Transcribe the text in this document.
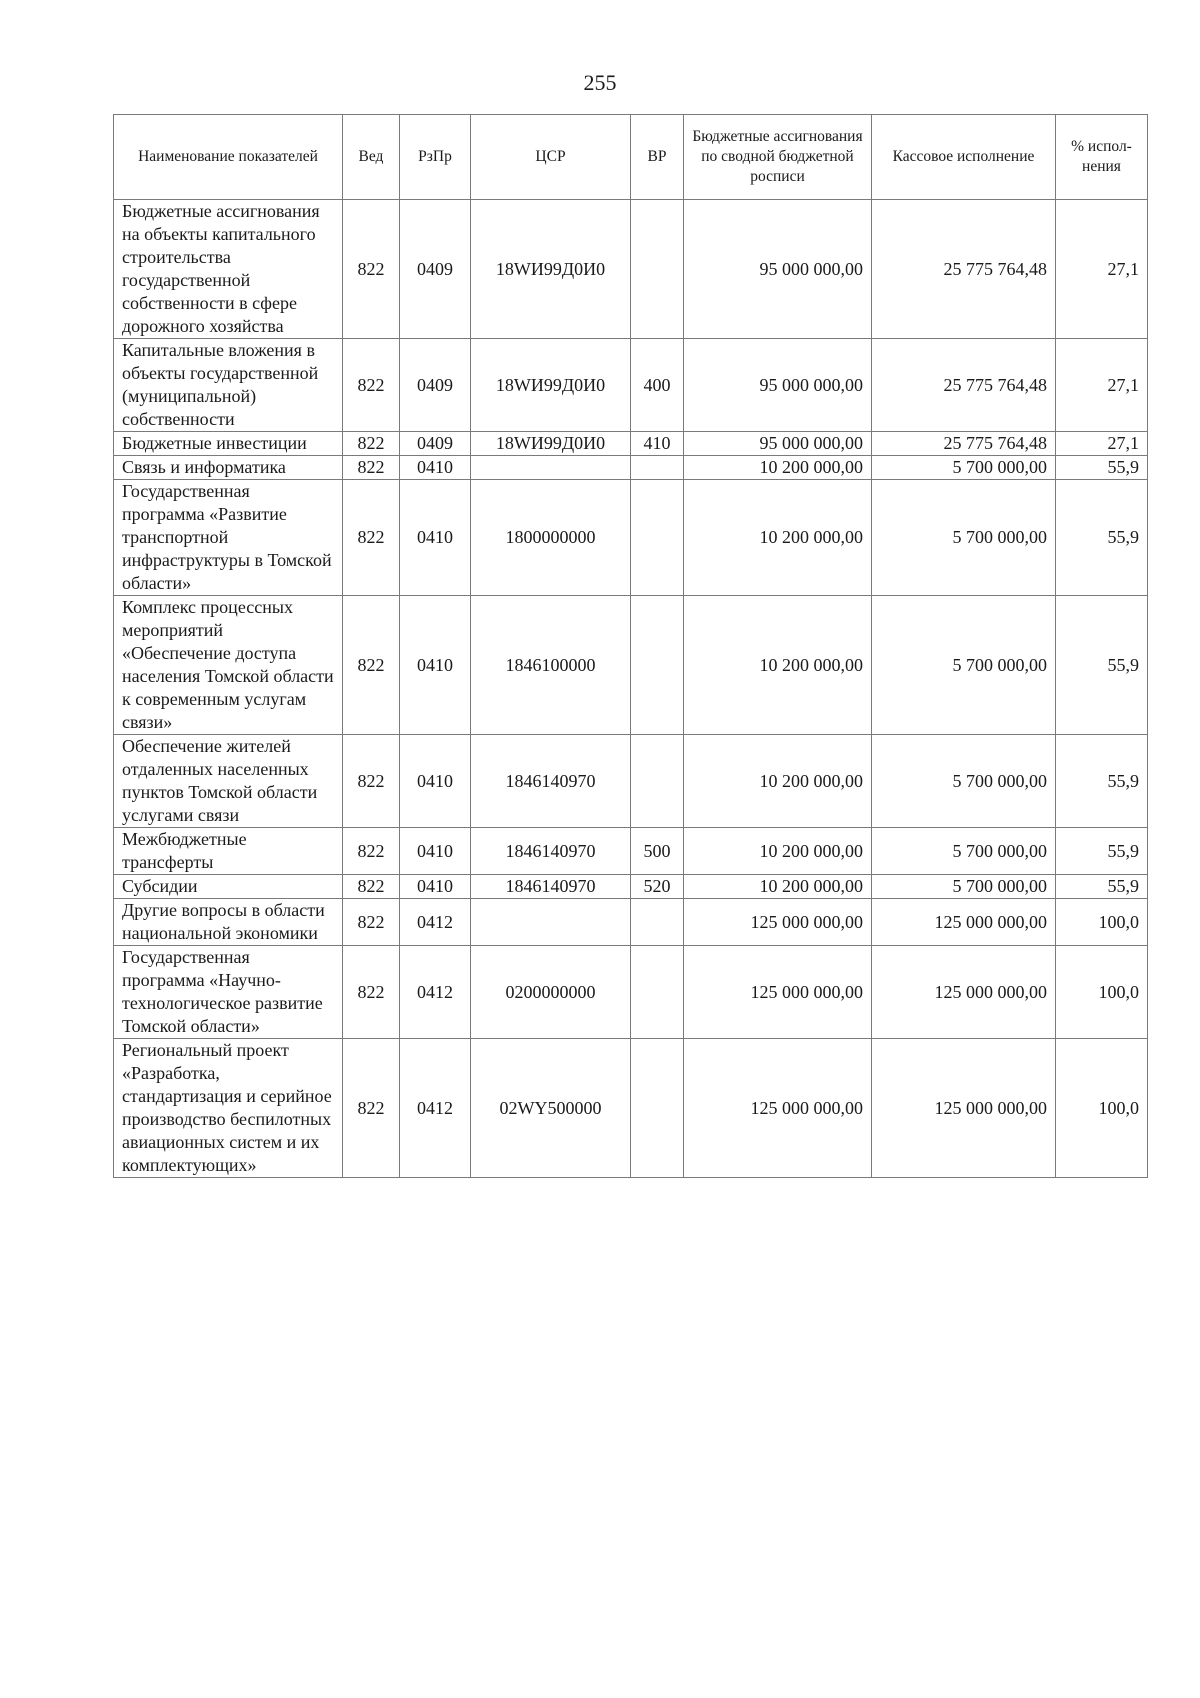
255
Наименование показателей	Вед	РзПр	ЦСР	ВР	Бюджетные ассигнования по сводной бюджетной росписи	Кассовое исполнение	% испол-нения
Бюджетные ассигнования на объекты капитального строительства государственной собственности в сфере дорожного хозяйства	822	0409	18WИ99Д0И0		95 000 000,00	25 775 764,48	27,1
Капитальные вложения в объекты государственной (муниципальной) собственности	822	0409	18WИ99Д0И0	400	95 000 000,00	25 775 764,48	27,1
Бюджетные инвестиции	822	0409	18WИ99Д0И0	410	95 000 000,00	25 775 764,48	27,1
Связь и информатика	822	0410			10 200 000,00	5 700 000,00	55,9
Государственная программа «Развитие транспортной инфраструктуры в Томской области»	822	0410	1800000000		10 200 000,00	5 700 000,00	55,9
Комплекс процессных мероприятий «Обеспечение доступа населения Томской области к современным услугам связи»	822	0410	1846100000		10 200 000,00	5 700 000,00	55,9
Обеспечение жителей отдаленных населенных пунктов Томской области услугами связи	822	0410	1846140970		10 200 000,00	5 700 000,00	55,9
Межбюджетные трансферты	822	0410	1846140970	500	10 200 000,00	5 700 000,00	55,9
Субсидии	822	0410	1846140970	520	10 200 000,00	5 700 000,00	55,9
Другие вопросы в области национальной экономики	822	0412			125 000 000,00	125 000 000,00	100,0
Государственная программа «Научно-технологическое развитие Томской области»	822	0412	0200000000		125 000 000,00	125 000 000,00	100,0
Региональный проект «Разработка, стандартизация и серийное производство беспилотных авиационных систем и их комплектующих»	822	0412	02WY500000		125 000 000,00	125 000 000,00	100,0
